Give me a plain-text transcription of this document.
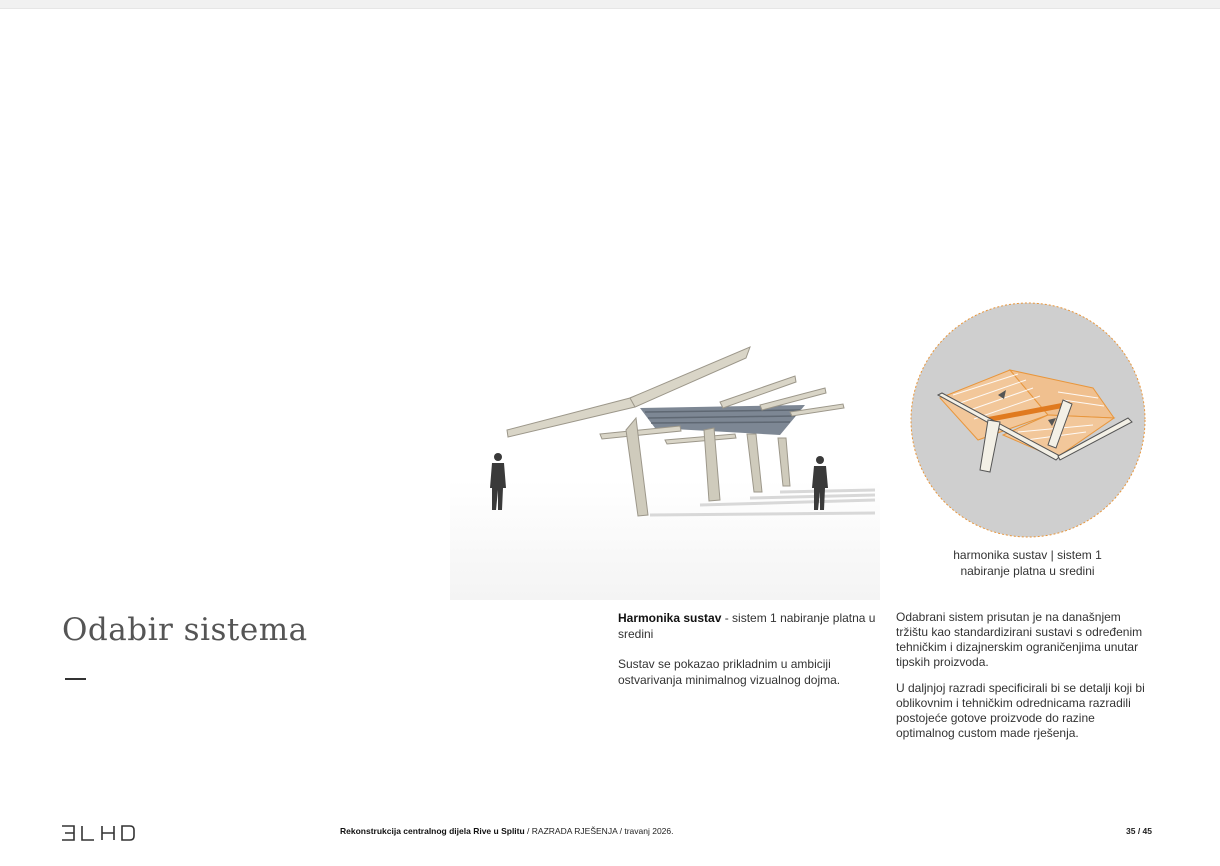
harmonika sustav | sistem 1
nabiranje platna u sredini
Odabir sistema	Harmonika sustav - sistem 1 nabiranje platna u sredini

Sustav se pokazao prikladnim u ambiciji ostvarivanja minimalnog vizualnog dojma.

Odabrani sistem prisutan je na današnjem tržištu kao standardizirani sustavi s određenim tehničkim i dizajnerskim ograničenjima unutar tipskih proizvoda.

U daljnjoj razradi specificirali bi se detalji koji bi oblikovnim i tehničkim odrednicama razradili postojeće gotove proizvode do razine optimalnog custom made rješenja.

Rekonstrukcija centralnog dijela Rive u Splitu / RAZRADA RJEŠENJA / travanj 2026.	35 / 45
